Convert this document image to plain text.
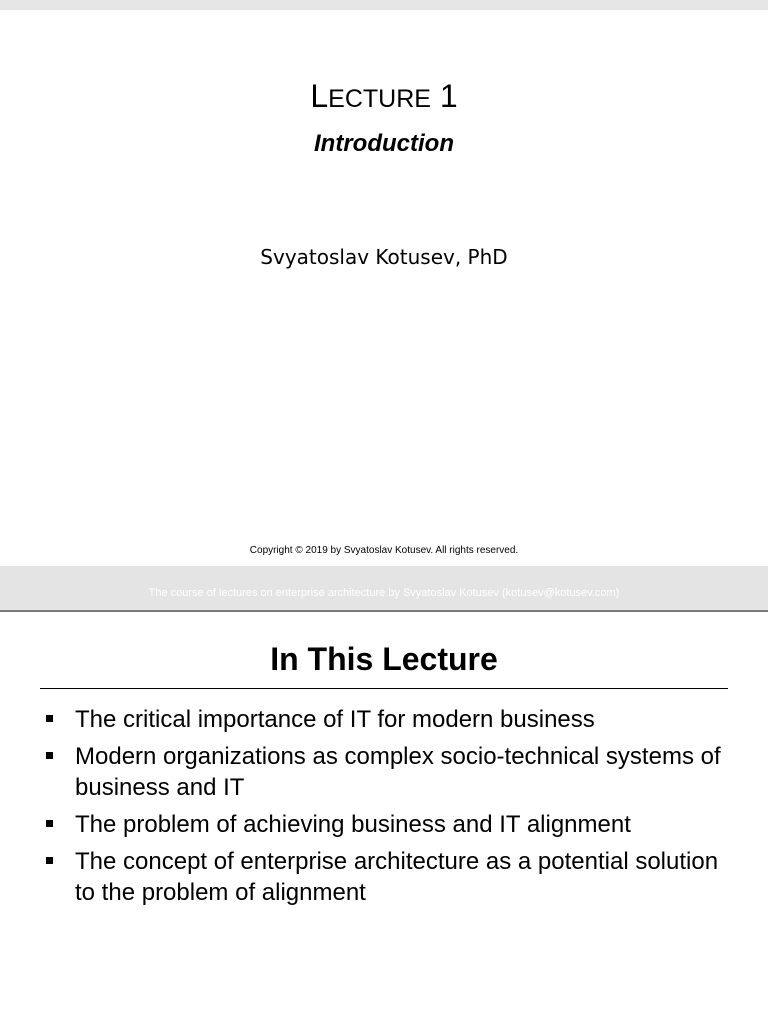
LECTURE 1
Introduction
Svyatoslav Kotusev, PhD
Copyright © 2019 by Svyatoslav Kotusev. All rights reserved.
The course of lectures on enterprise architecture by Svyatoslav Kotusev (kotusev@kotusev.com)
In This Lecture
The critical importance of IT for modern business
Modern organizations as complex socio-technical systems of business and IT
The problem of achieving business and IT alignment
The concept of enterprise architecture as a potential solution to the problem of alignment
